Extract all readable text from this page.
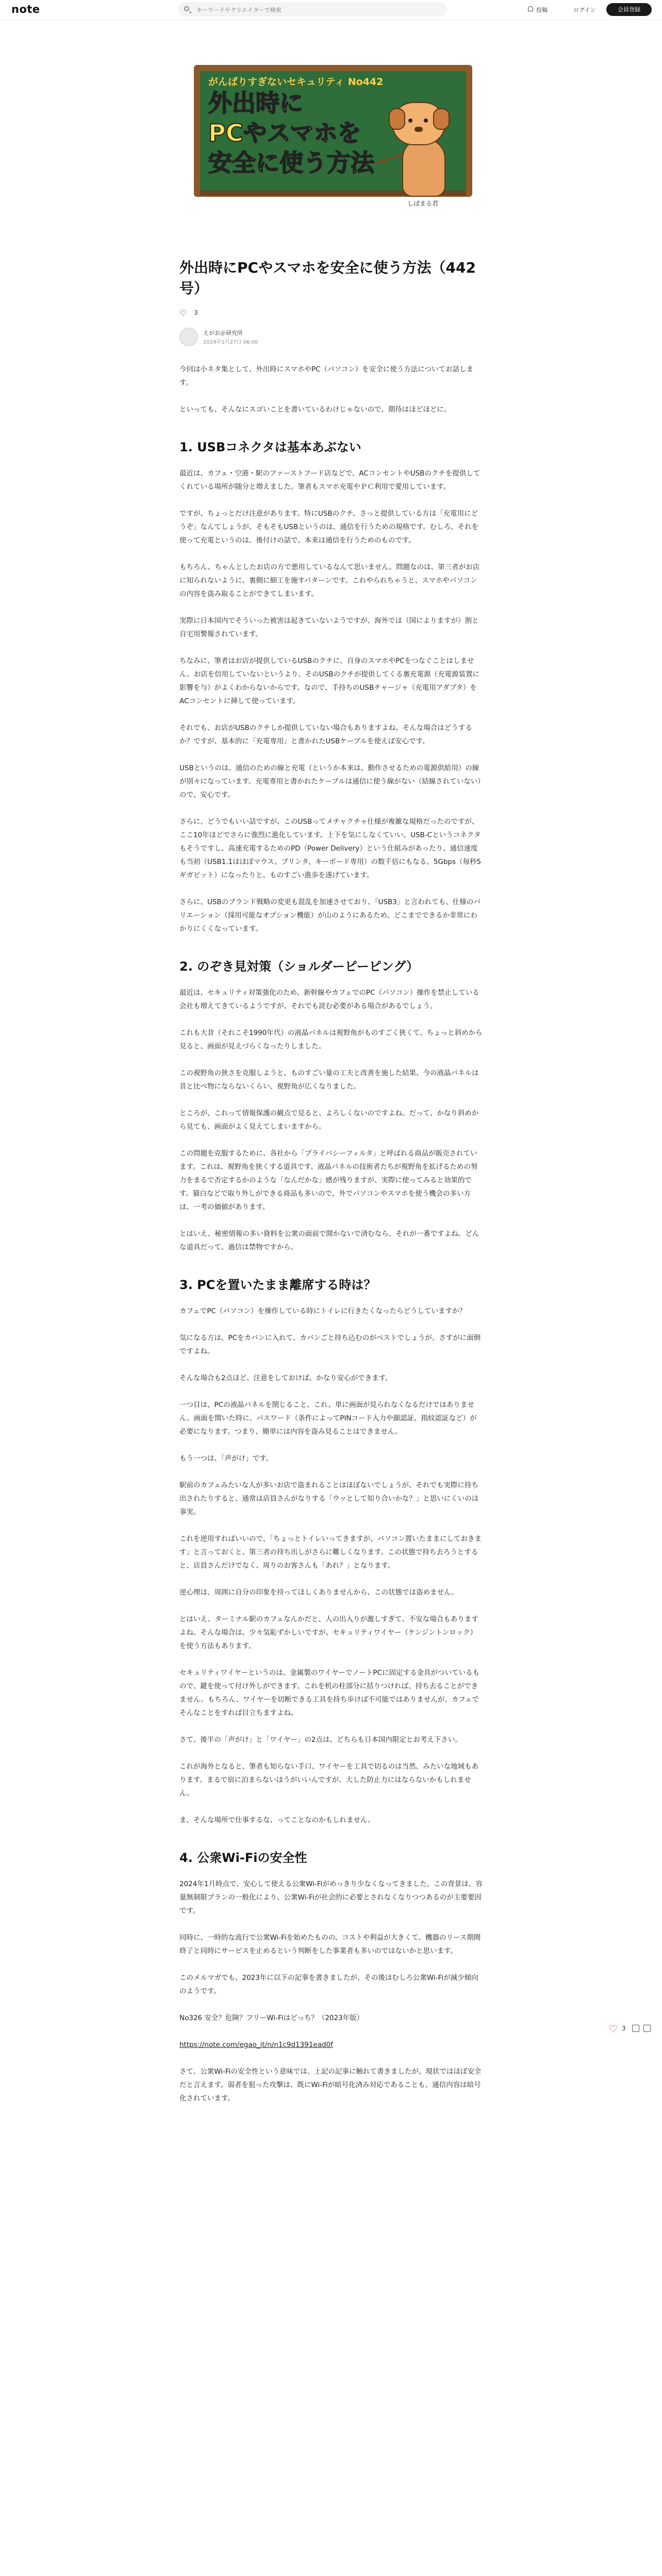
note
キーワードやクリエイターで検索	投稿	ログイン	会員登録
がんばりすぎないセキュリティ No442
外出時に
PCやスマホを
安全に使う方法
しばまる君
外出時にPCやスマホを安全に使う方法（442号）
♡ 3
えがお＠研究所
2024年1月27日 06:00

今回は小ネタ集として、外出時にスマホやPC（パソコン）を安全に使う方法についてお話します。

といっても、そんなにスゴいことを書いているわけじゃないので、期待はほどほどに。

1. USBコネクタは基本あぶない

最近は、カフェ・空港・駅のファーストフード店などで、ACコンセントやUSBのクチを提供してくれている場所が随分と増えました。筆者もスマホ充電やＰＣ利用で愛用しています。

ですが、ちょっとだけ注意があります。特にUSBのクチ。さっと提供している方は「充電用にどうぞ」なんてしょうが、そもそもUSBというのは、通信を行うための規格です。むしろ、それを使って充電というのは、後付けの話で、本来は通信を行うためのものです。

もちろん、ちゃんとしたお店の方で悪用しているなんて思いません。問題なのは、第三者がお店に知られないように、裏側に細工を施すパターンです。これやられちゃうと、スマホやパソコンの内容を盗み取ることができてしまいます。

実際に日本国内でそういった被害は起きていないようですが、海外では（国によりますが）割と自宅用警報されています。

ちなみに、筆者はお店が提供しているUSBのクチに、自身のスマホやPCをつなぐことはしません。お店を信用していないというより、そのUSBのクチが提供してくる裏充電源（充電源装置に影響を与）がよくわからないからです。なので、手持ちのUSBチャージャ（充電用アダプタ）をACコンセントに挿して使っています。

それでも、お店がUSBのクチしか提供していない場合もありますよね。そんな場合はどうするか？ですが、基本的に「充電専用」と書かれたUSBケーブルを使えば安心です。

USBというのは、通信のための線と充電（というか本来は、動作させるための電源供給用）の線が別々になっています。充電専用と書かれたケーブルは通信に使う線がない（結線されていない）ので、安心です。

さらに、どうでもいい話ですが、このUSBってメチャクチャ仕様が複雑な規格だったのですが、ここ10年ほどでさらに強烈に進化しています。上下を気にしなくていい、USB-Cというコネクタもそうですし、高速充電するためのPD（Power Delivery）という仕組みがあったり、通信速度も当初（USB1.1はほぼマウス、プリンタ、キーボード専用）の数千倍にもなる、5Gbps（毎秒5ギガビット）になったりと、ものすごい進歩を遂げています。

さらに、USBのブランド戦略の変更も混乱を加速させており、「USB3」と言われても、仕様のバリエーション（採用可能なオプション機能）が山のようにあるため、どこまでできるか非常にわかりにくくなっています。

2. のぞき見対策（ショルダーピーピング）

最近は、セキュリティ対策強化のため、新幹線やカフェでのPC（パソコン）操作を禁止している会社も増えてきているようですが、それでも読む必要がある場合があるでしょう。

これも大昔（それこそ1990年代）の液晶パネルは視野角がものすごく狭くて、ちょっと斜めから見ると、画面が見えづらくなったりしました。

この視野角の狭さを克服しようと、ものすごい量の工夫と改善を施した結果、今の液晶パネルは昔と比べ物にならないくらい、視野角が広くなりました。

ところが、これって情報保護の観点で見ると、よろしくないのですよね。だって、かなり斜めから見ても、画面がよく見えてしまいますから。

この問題を克服するために、各社から「プライバシーフィルタ」と呼ばれる商品が販売されています。これは、視野角を狭くする道具です。液晶パネルの技術者たちが視野角を拡げるための努力をまるで否定するかのような「なんだかな」感が残りますが、実際に使ってみると効果的です。猫白などで取り外しができる商品も多いので、外でパソコンやスマホを使う機会の多い方は、一考の価値があります。

とはいえ、秘密情報の多い資料を公衆の面前で開かないで済むなら、それが一番ですよね。どんな道具だって、過信は禁物ですから。

3. PCを置いたまま離席する時は？

カフェでPC（パソコン）を操作している時にトイレに行きたくなったらどうしていますか？

気になる方は、PCをカバンに入れて、カバンごと持ち込むのがベストでしょうが、さすがに面倒ですよね。

そんな場合も2点ほど、注意をしておけば、かなり安心ができます。

一つ目は、PCの液晶パネルを閉じること。これ、単に画面が見られなくなるだけではありません。画面を開いた時に、パスワード（条件によってPINコード入力や顔認証、指紋認証など）が必要になります。つまり、簡単には内容を盗み見ることはできません。

もう一つは、「声がけ」です。

駅前のカフェみたいな人が多いお店で盗まれることはほぼないでしょうが、それでも実際に持ち出されたりすると、通常は店員さんがなりする「ウッとして知り合いかな？」と思いにくいのは事実。

これを逆用すればいいので、「ちょっとトイレいってきますが、パソコン置いたままにしておきます」と言っておくと、第三者の持ち出しがさらに難しくなります。この状態で持ち去ろうとすると、店員さんだけでなく、周りのお客さんも「あれ？」となります。

逆心理は、周囲に自分の印象を持ってほしくありませんから、この状態では盗めません。

とはいえ、ターミナル駅のカフェなんかだと、人の出入りが激しすぎて、不安な場合もありますよね。そんな場合は、少々気恥ずかしいですが、セキュリティワイヤー（ケンジントンロック）を使う方法もあります。

セキュリティワイヤーというのは、金属製のワイヤーでノートPCに固定する金具がついているもので、鍵を使って付け外しができます。これを机の柱部分に括りつければ、持ち去ることができません。もちろん、ワイヤーを切断できる工具を持ち歩けば不可能ではありませんが、カフェでそんなことをすれば目立ちますよね。

さて、後半の「声がけ」と「ワイヤー」の2点は、どちらも日本国内限定とお考え下さい。

これが海外となると、筆者も知らない手口、ワイヤーを工具で切るのは当然、みたいな地域もあります。まるで宿に泊まらないほうがいいんですが、大した防止力にはならないかもしれません。

ま、そんな場所で仕事するな、ってことなのかもしれません。

4. 公衆Wi-Fiの安全性

2024年1月時点で、安心して使える公衆Wi-Fiがめっきり少なくなってきました。この背景は、容量無制限プランの一般化により、公衆Wi-Fiが社会的に必要とされなくなりつつあるのが主要要因です。

同時に、一時的な流行で公衆Wi-Fiを始めたものの、コストや利益が大きくて、機器のリース期間終了と同時にサービスを止めるという判断をした事業者も多いのではないかと思います。

このメルマガでも、2023年に以下の記事を書きましたが、その後はむしろ公衆Wi-Fiが減少傾向のようです。

No326 安全？危険？フリーWi-Fiはどっち？（2023年版）

https://note.com/egao_it/n/n1c9d1391ead0f

さて、公衆Wi-Fiの安全性という意味では、上記の記事に触れて書きましたが、現状ではほぼ安全だと言えます。弱者を狙った攻撃は、既にWi-Fiが暗号化済み対応であることも、通信内容は暗号化されています。

♡ 3
